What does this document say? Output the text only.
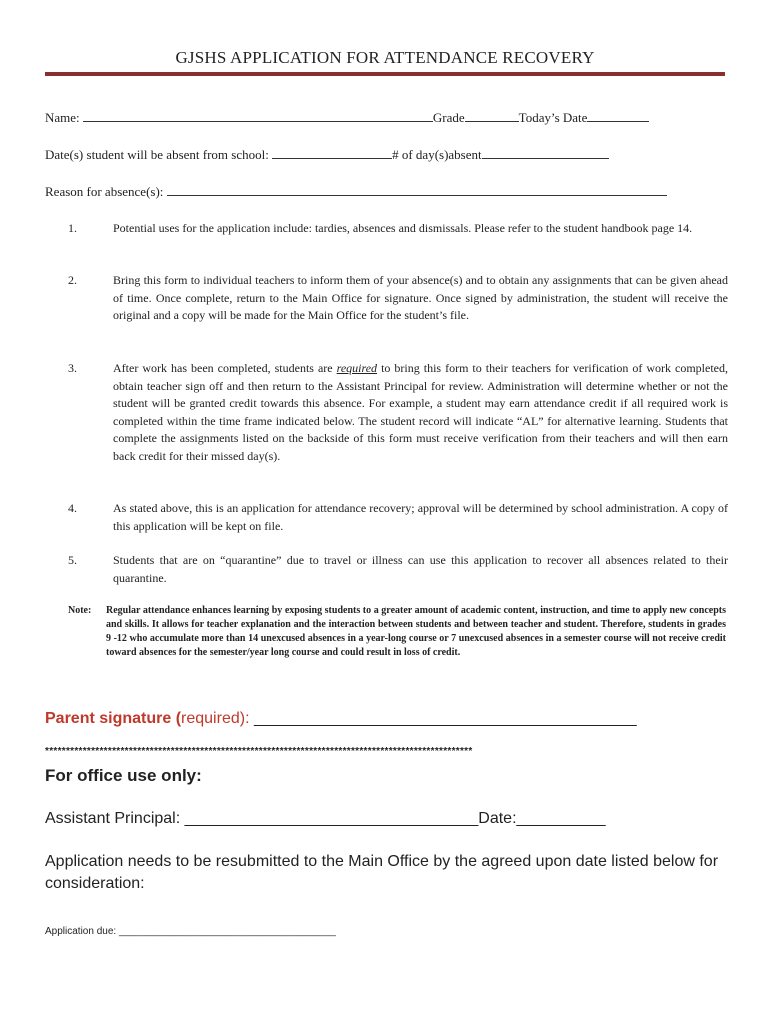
GJSHS APPLICATION FOR ATTENDANCE RECOVERY
Name:	Grade	Today’s Date
Date(s) student will be absent from school:	# of day(s)absent
Reason for absence(s):
1.	Potential uses for the application include: tardies, absences and dismissals. Please refer to the student handbook page 14.
2.	Bring this form to individual teachers to inform them of your absence(s) and to obtain any assignments that can be given ahead of time. Once complete, return to the Main Office for signature. Once signed by administration, the student will receive the original and a copy will be made for the Main Office for the student’s file.
3.	After work has been completed, students are required to bring this form to their teachers for verification of work completed, obtain teacher sign off and then return to the Assistant Principal for review. Administration will determine whether or not the student will be granted credit towards this absence. For example, a student may earn attendance credit if all required work is completed within the time frame indicated below. The student record will indicate “AL” for alternative learning. Students that complete the assignments listed on the backside of this form must receive verification from their teachers and will then earn back credit for their missed day(s).
4.	As stated above, this is an application for attendance recovery; approval will be determined by school administration. A copy of this application will be kept on file.
5.	Students that are on “quarantine” due to travel or illness can use this application to recover all absences related to their quarantine.
Note: Regular attendance enhances learning by exposing students to a greater amount of academic content, instruction, and time to apply new concepts and skills. It allows for teacher explanation and the interaction between students and between teacher and student. Therefore, students in grades 9 -12 who accumulate more than 14 unexcused absences in a year-long course or 7 unexcused absences in a semester course will not receive credit toward absences for the semester/year long course and could result in loss of credit.
Parent signature (required): ___________________________________________
******************************************************************************************************
For office use only:
Assistant Principal: _________________________________Date:__________
Application needs to be resubmitted to the Main Office by the agreed upon date listed below for consideration:
Application due: _______________________________________
